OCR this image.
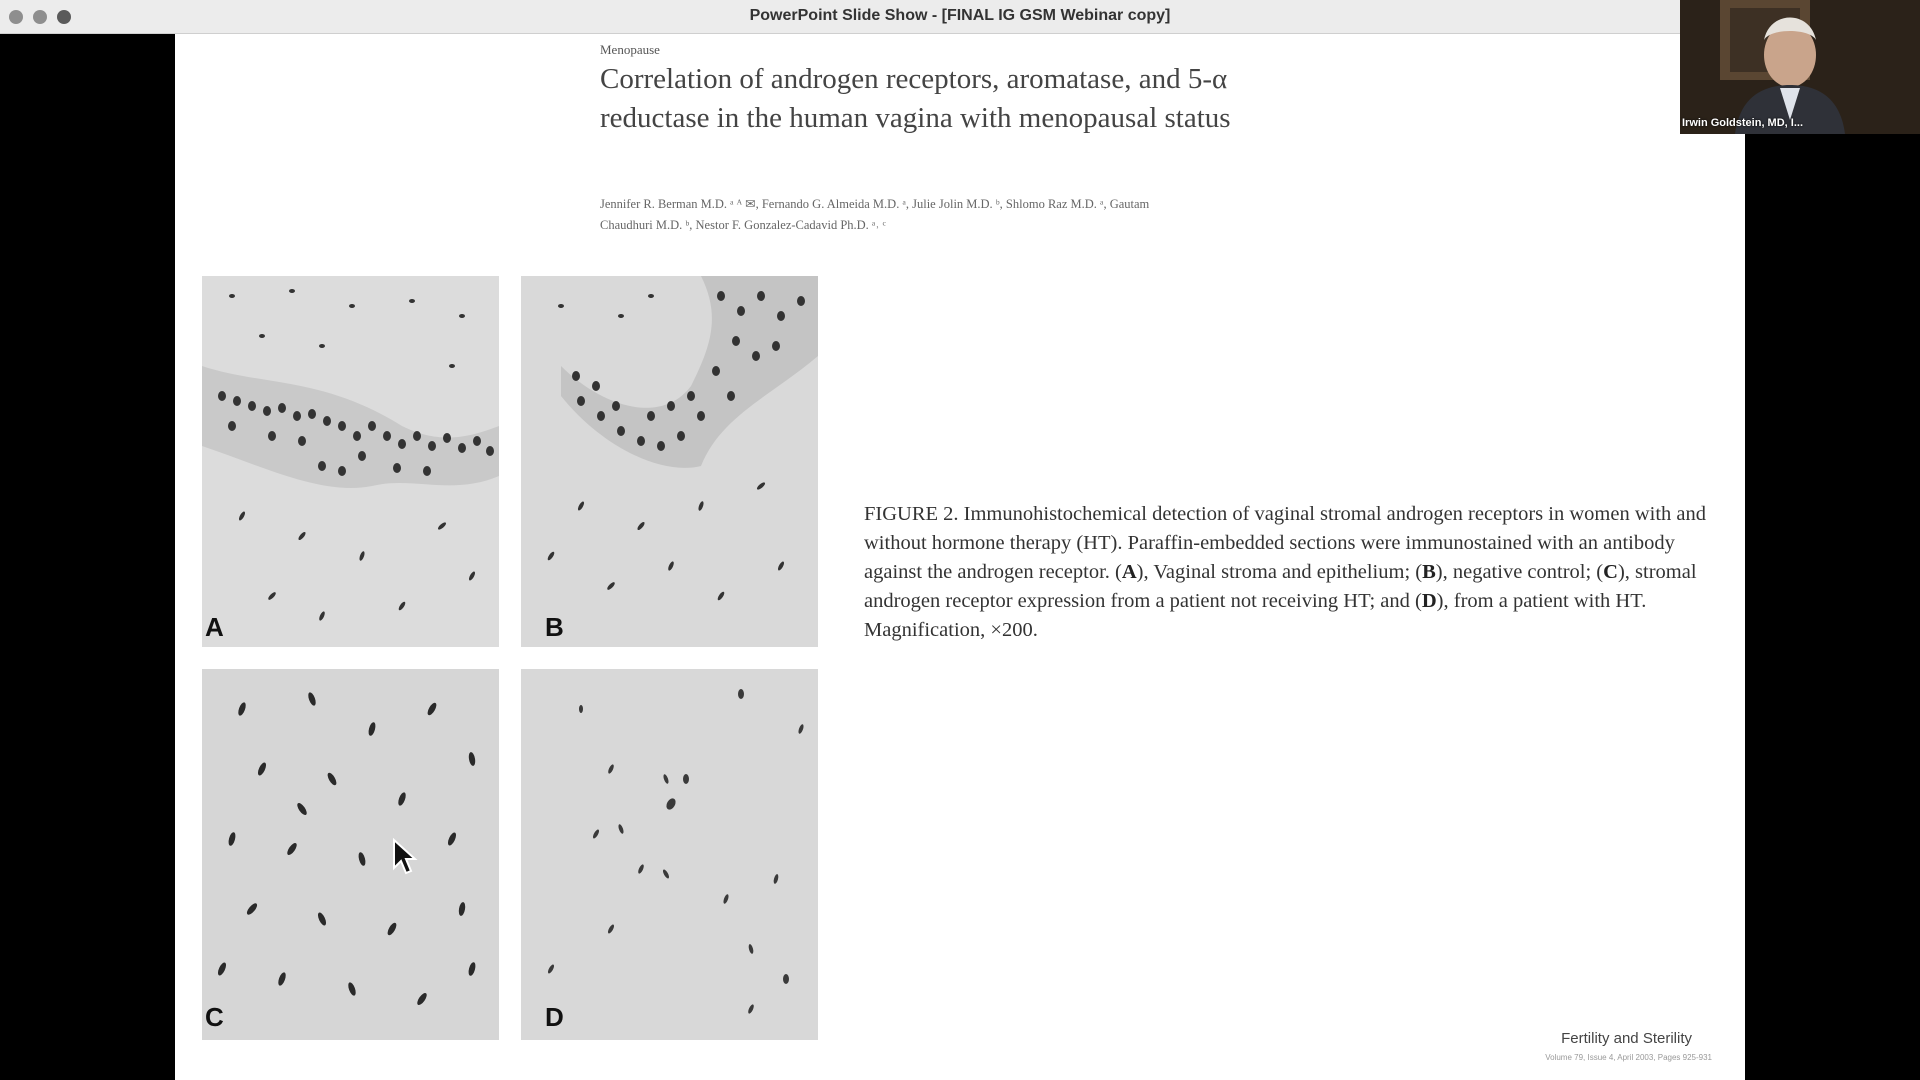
PowerPoint Slide Show - [FINAL IG GSM Webinar copy]
Menopause
Correlation of androgen receptors, aromatase, and 5-α reductase in the human vagina with menopausal status
Jennifer R. Berman M.D. ᵃ ᴬ ✉, Fernando G. Almeida M.D. ᵃ, Julie Jolin M.D. ᵇ, Shlomo Raz M.D. ᵃ, Gautam
Chaudhuri M.D. ᵇ, Nestor F. Gonzalez-Cadavid Ph.D. ᵃ˒ ᶜ
A	B
C	D
FIGURE 2. Immunohistochemical detection of vaginal stromal androgen receptors in women with and without hormone therapy (HT). Paraffin-embedded sections were immunostained with an antibody against the androgen receptor. (A), Vaginal stroma and epithelium; (B), negative control; (C), stromal androgen receptor expression from a patient not receiving HT; and (D), from a patient with HT. Magnification, ×200.
Fertility and Sterility
Volume 79, Issue 4, April 2003, Pages 925-931
Irwin Goldstein, MD, I...
